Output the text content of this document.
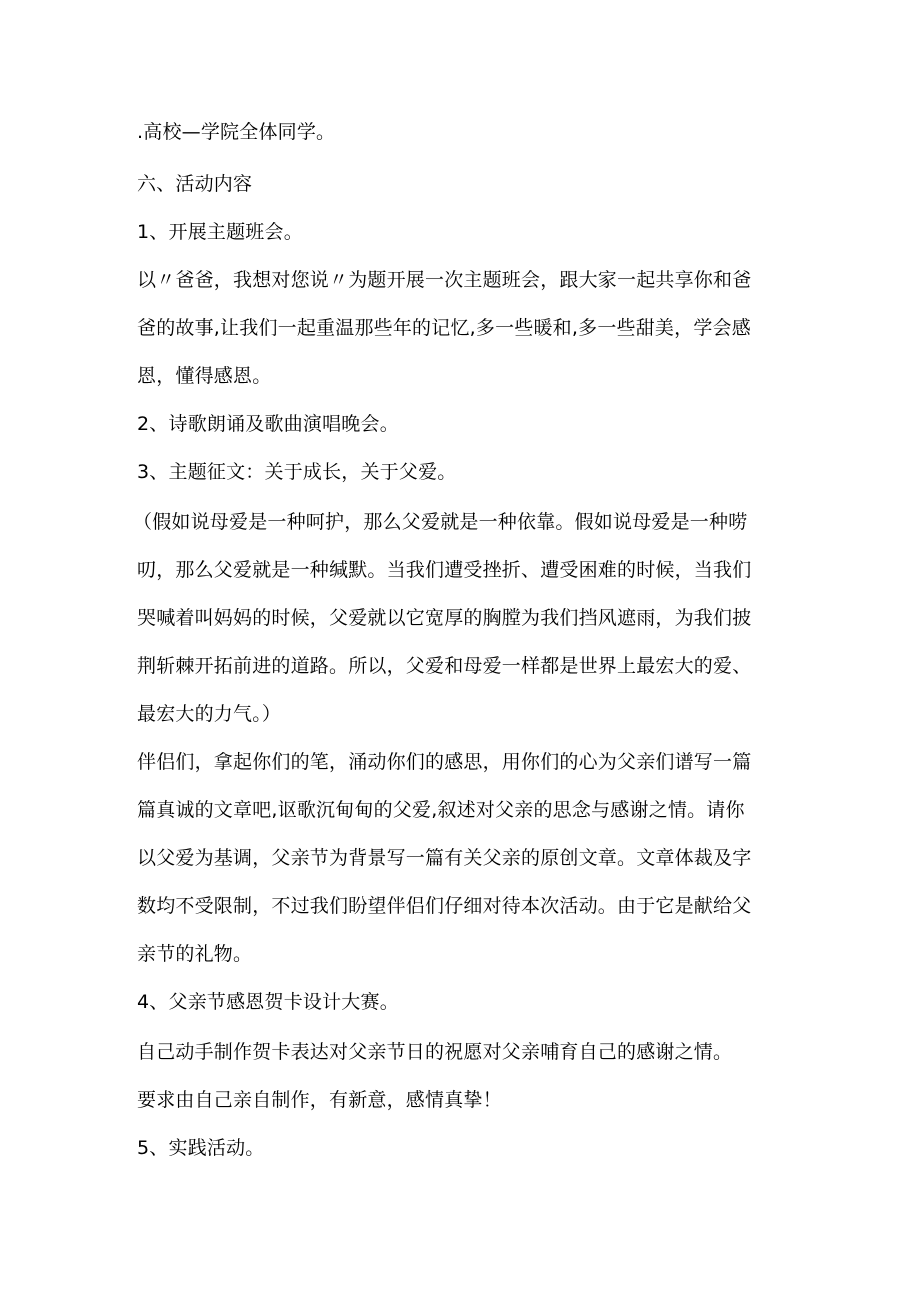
.高校—学院全体同学。

六、活动内容

1、开展主题班会。

以〃爸爸，我想对您说〃为题开展一次主题班会，跟大家一起共享你和爸

爸的故事,让我们一起重温那些年的记忆,多一些暖和,多一些甜美，学会感

恩，懂得感恩。

2、诗歌朗诵及歌曲演唱晚会。

3、主题征文：关于成长，关于父爱。

（假如说母爱是一种呵护，那么父爱就是一种依靠。假如说母爱是一种唠

叨，那么父爱就是一种缄默。当我们遭受挫折、遭受困难的时候，当我们

哭喊着叫妈妈的时候，父爱就以它宽厚的胸膛为我们挡风遮雨，为我们披

荆斩棘开拓前进的道路。所以，父爱和母爱一样都是世界上最宏大的爱、

最宏大的力气。）

伴侣们，拿起你们的笔，涌动你们的感思，用你们的心为父亲们谱写一篇

篇真诚的文章吧,讴歌沉甸甸的父爱,叙述对父亲的思念与感谢之情。请你

以父爱为基调，父亲节为背景写一篇有关父亲的原创文章。文章体裁及字

数均不受限制，不过我们盼望伴侣们仔细对待本次活动。由于它是献给父

亲节的礼物。

4、父亲节感恩贺卡设计大赛。

自己动手制作贺卡表达对父亲节日的祝愿对父亲哺育自己的感谢之情。

要求由自己亲自制作，有新意，感情真挚！

5、实践活动。
